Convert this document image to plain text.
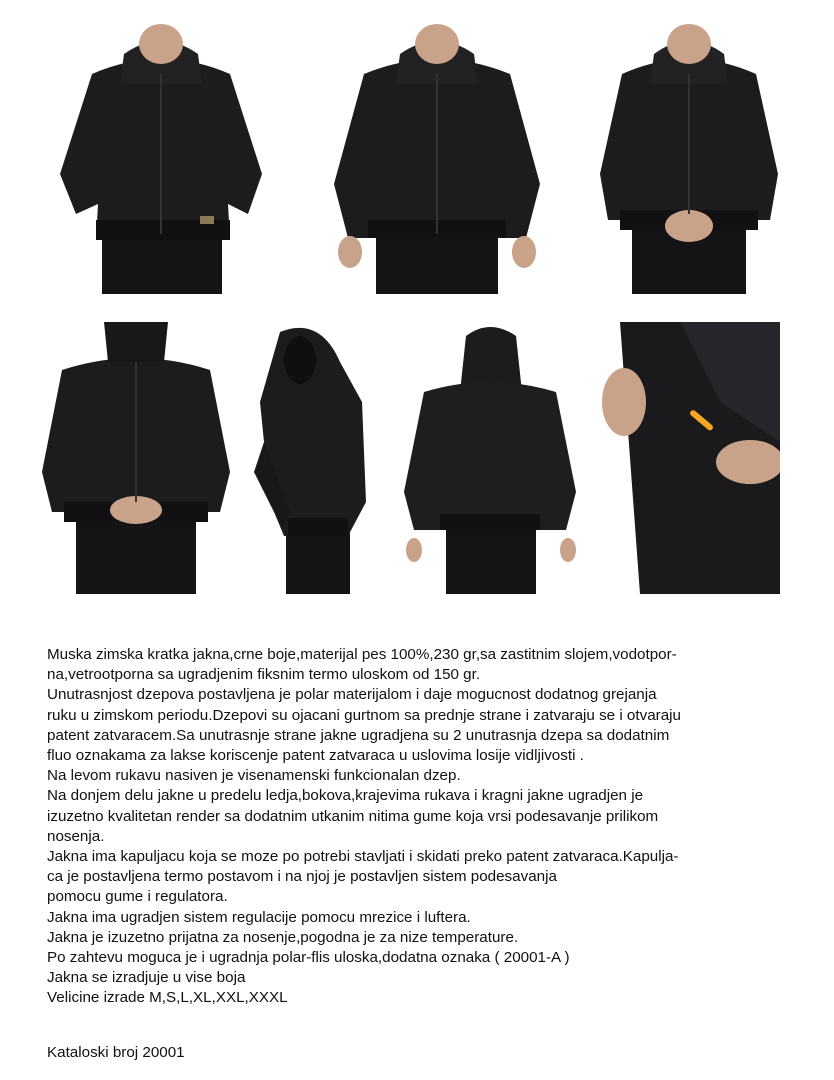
Muska zimska kratka jakna,crne boje,materijal pes 100%,230 gr,sa zastitnim slojem,vodotpor-

na,vetrootporna sa ugradjenim fiksnim termo uloskom od 150 gr.

Unutrasnjost dzepova postavljena je polar materijalom i daje mogucnost dodatnog grejanja

ruku u zimskom periodu.Dzepovi su ojacani gurtnom sa prednje strane i zatvaraju se i otvaraju

patent zatvaracem.Sa unutrasnje strane jakne ugradjena su 2 unutrasnja dzepa sa dodatnim

fluo oznakama za lakse koriscenje patent zatvaraca u uslovima losije vidljivosti .

Na levom rukavu nasiven je visenamenski funkcionalan dzep.

Na donjem delu jakne u predelu ledja,bokova,krajevima rukava i kragni jakne ugradjen je

izuzetno kvalitetan render sa dodatnim utkanim nitima gume koja vrsi podesavanje prilikom

nosenja.

Jakna ima kapuljacu koja se moze po potrebi stavljati i skidati preko patent zatvaraca.Kapulja-

ca je postavljena termo postavom i na njoj je postavljen sistem podesavanja

pomocu gume i regulatora.

Jakna ima ugradjen sistem regulacije pomocu mrezice i luftera.

Jakna je izuzetno prijatna za nosenje,pogodna je za nize temperature.

Po zahtevu moguca je i ugradnja polar-flis uloska,dodatna oznaka ( 20001-A )

Jakna se izradjuje u vise boja

Velicine izrade M,S,L,XL,XXL,XXXL

Kataloski broj 20001
